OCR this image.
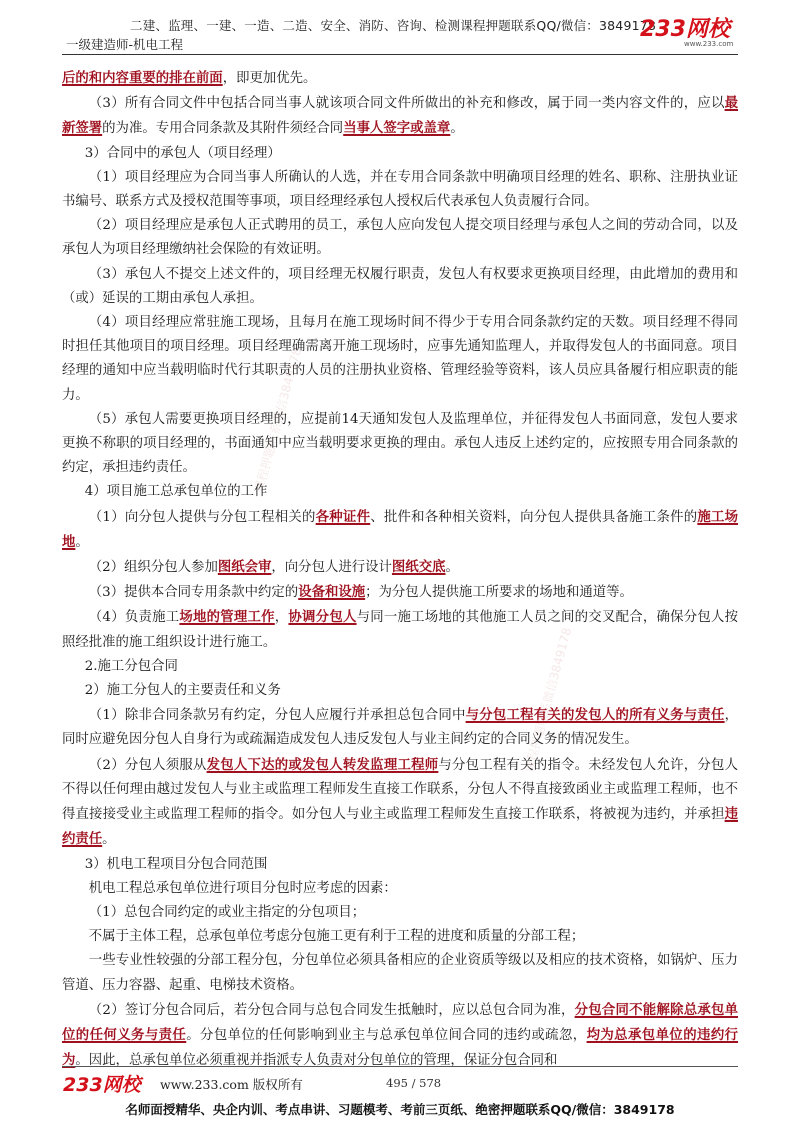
二建、监理、一建、一造、二造、安全、消防、咨询、检测课程押题联系QQ/微信：3849178
一级建造师-机电工程
233网校
www.233.com
课程押题联系微信3849178
课程押题联系微信3849178

后的和内容重要的排在前面，即更加优先。

（3）所有合同文件中包括合同当事人就该项合同文件所做出的补充和修改，属于同一类内容文件的，应以最新签署的为准。专用合同条款及其附件须经合同当事人签字或盖章。

3）合同中的承包人（项目经理）

（1）项目经理应为合同当事人所确认的人选，并在专用合同条款中明确项目经理的姓名、职称、注册执业证书编号、联系方式及授权范围等事项，项目经理经承包人授权后代表承包人负责履行合同。

（2）项目经理应是承包人正式聘用的员工，承包人应向发包人提交项目经理与承包人之间的劳动合同，以及承包人为项目经理缴纳社会保险的有效证明。

（3）承包人不提交上述文件的，项目经理无权履行职责，发包人有权要求更换项目经理，由此增加的费用和（或）延误的工期由承包人承担。

（4）项目经理应常驻施工现场，且每月在施工现场时间不得少于专用合同条款约定的天数。项目经理不得同时担任其他项目的项目经理。项目经理确需离开施工现场时，应事先通知监理人，并取得发包人的书面同意。项目经理的通知中应当载明临时代行其职责的人员的注册执业资格、管理经验等资料，该人员应具备履行相应职责的能力。

（5）承包人需要更换项目经理的，应提前14天通知发包人及监理单位，并征得发包人书面同意，发包人要求更换不称职的项目经理的，书面通知中应当载明要求更换的理由。承包人违反上述约定的，应按照专用合同条款的约定，承担违约责任。

4）项目施工总承包单位的工作

（1）向分包人提供与分包工程相关的各种证件、批件和各种相关资料，向分包人提供具备施工条件的施工场地。

（2）组织分包人参加图纸会审，向分包人进行设计图纸交底。

（3）提供本合同专用条款中约定的设备和设施；为分包人提供施工所要求的场地和通道等。

（4）负责施工场地的管理工作，协调分包人与同一施工场地的其他施工人员之间的交叉配合，确保分包人按照经批准的施工组织设计进行施工。

2.施工分包合同

2）施工分包人的主要责任和义务

（1）除非合同条款另有约定，分包人应履行并承担总包合同中与分包工程有关的发包人的所有义务与责任，同时应避免因分包人自身行为或疏漏造成发包人违反发包人与业主间约定的合同义务的情况发生。

（2）分包人须服从发包人下达的或发包人转发监理工程师与分包工程有关的指令。未经发包人允许，分包人不得以任何理由越过发包人与业主或监理工程师发生直接工作联系，分包人不得直接致函业主或监理工程师，也不得直接接受业主或监理工程师的指令。如分包人与业主或监理工程师发生直接工作联系，将被视为违约，并承担违约责任。

3）机电工程项目分包合同范围

机电工程总承包单位进行项目分包时应考虑的因素：

（1）总包合同约定的或业主指定的分包项目；

不属于主体工程，总承包单位考虑分包施工更有利于工程的进度和质量的分部工程；

一些专业性较强的分部工程分包，分包单位必须具备相应的企业资质等级以及相应的技术资格，如锅炉、压力管道、压力容器、起重、电梯技术资格。

（2）签订分包合同后，若分包合同与总包合同发生抵触时，应以总包合同为准，分包合同不能解除总承包单位的任何义务与责任。分包单位的任何影响到业主与总承包单位间合同的违约或疏忽，均为总承包单位的违约行为。因此，总承包单位必须重视并指派专人负责对分包单位的管理，保证分包合同和

233网校 www.233.com 版权所有	495 / 578
名师面授精华、央企内训、考点串讲、习题模考、考前三页纸、绝密押题联系QQ/微信：3849178
